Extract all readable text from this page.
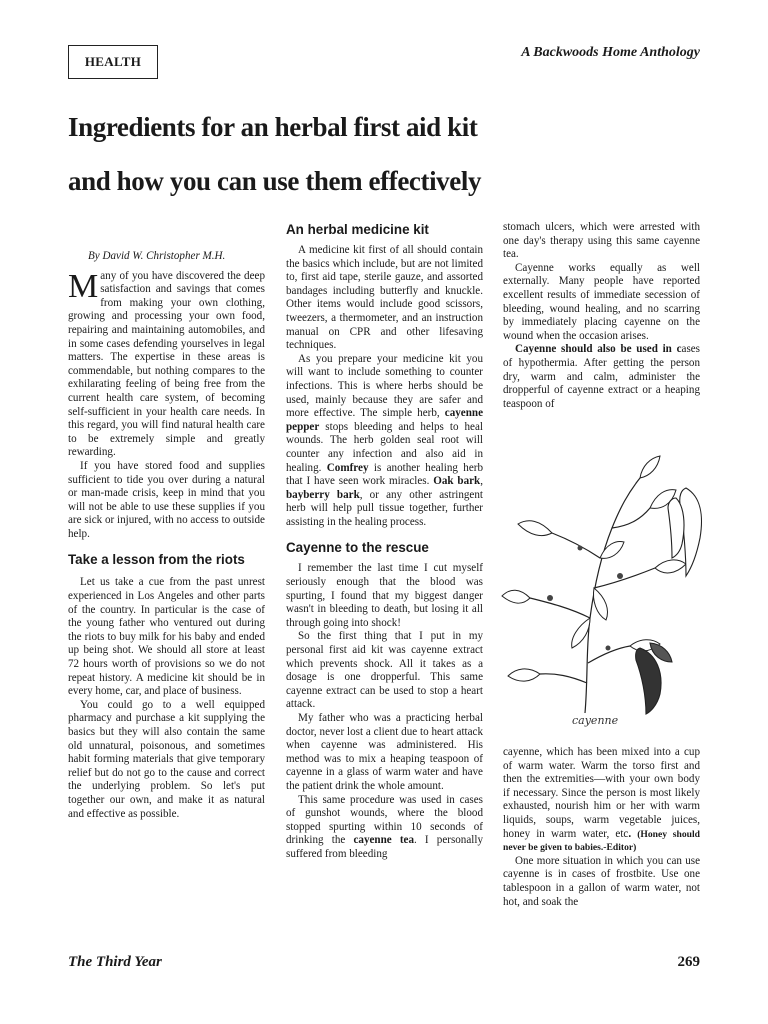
HEALTH
A Backwoods Home Anthology
Ingredients for an herbal first aid kit
and how you can use them effectively

By David W. Christopher M.H.

Many of you have discovered the deep satisfaction and savings that comes from making your own clothing, growing and processing your own food, repairing and maintaining automobiles, and in some cases defending yourselves in legal matters. The expertise in these areas is commendable, but nothing compares to the exhilarating feeling of being free from the current health care system, of becoming self-sufficient in your health care needs. In this regard, you will find natural health care to be extremely simple and greatly rewarding.

If you have stored food and supplies sufficient to tide you over during a natural or man-made crisis, keep in mind that you will not be able to use these supplies if you are sick or injured, with no access to outside help.

Take a lesson from the riots

Let us take a cue from the past unrest experienced in Los Angeles and other parts of the country. In particular is the case of the young father who ventured out during the riots to buy milk for his baby and ended up being shot. We should all store at least 72 hours worth of provisions so we do not repeat history. A medicine kit should be in every home, car, and place of business.

You could go to a well equipped pharmacy and purchase a kit supplying the basics but they will also contain the same old unnatural, poisonous, and sometimes habit forming materials that give temporary relief but do not go to the cause and correct the underlying problem. So let's put together our own, and make it as natural and effective as possible.

An herbal medicine kit

A medicine kit first of all should contain the basics which include, but are not limited to, first aid tape, sterile gauze, and assorted bandages including butterfly and knuckle. Other items would include good scissors, tweezers, a thermometer, and an instruction manual on CPR and other lifesaving techniques.

As you prepare your medicine kit you will want to include something to counter infections. This is where herbs should be used, mainly because they are safer and more effective. The simple herb, cayenne pepper stops bleeding and helps to heal wounds. The herb golden seal root will counter any infection and also aid in healing. Comfrey is another healing herb that I have seen work miracles. Oak bark, bayberry bark, or any other astringent herb will help pull tissue together, further assisting in the healing process.

Cayenne to the rescue

I remember the last time I cut myself seriously enough that the blood was spurting, I found that my biggest danger wasn't in bleeding to death, but losing it all through going into shock!

So the first thing that I put in my personal first aid kit was cayenne extract which prevents shock. All it takes as a dosage is one dropperful. This same cayenne extract can be used to stop a heart attack.

My father who was a practicing herbal doctor, never lost a client due to heart attack when cayenne was administered. His method was to mix a heaping teaspoon of cayenne in a glass of warm water and have the patient drink the whole amount.

This same procedure was used in cases of gunshot wounds, where the blood stopped spurting within 10 seconds of drinking the cayenne tea. I personally suffered from bleeding

stomach ulcers, which were arrested with one day's therapy using this same cayenne tea.

Cayenne works equally as well externally. Many people have reported excellent results of immediate secession of bleeding, wound healing, and no scarring by immediately placing cayenne on the wound when the occasion arises.

Cayenne should also be used in cases of hypothermia. After getting the person dry, warm and calm, administer the dropperful of cayenne extract or a heaping teaspoon of

cayenne

cayenne, which has been mixed into a cup of warm water. Warm the torso first and then the extremities—with your own body if necessary. Since the person is most likely exhausted, nourish him or her with warm liquids, soups, warm vegetable juices, honey in warm water, etc. (Honey should never be given to babies.-Editor)

One more situation in which you can use cayenne is in cases of frostbite. Use one tablespoon in a gallon of warm water, not hot, and soak the

The Third Year	269
